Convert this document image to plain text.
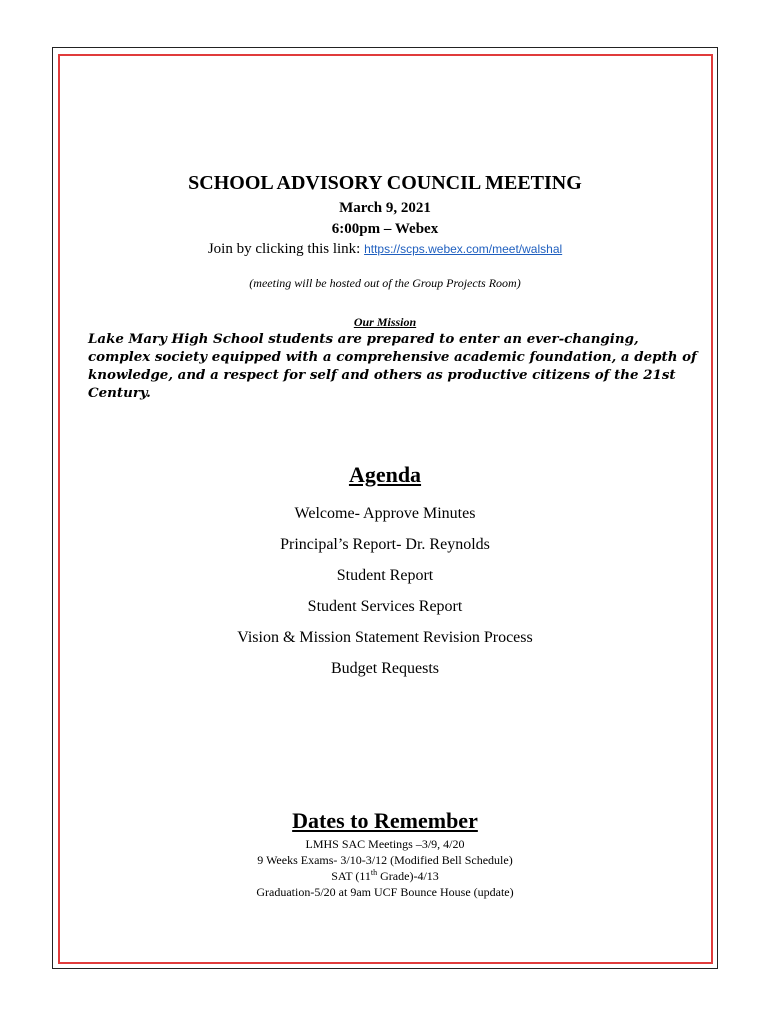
SCHOOL ADVISORY COUNCIL MEETING
March 9, 2021
6:00pm – Webex
Join by clicking this link: https://scps.webex.com/meet/walshal
(meeting will be hosted out of the Group Projects Room)
Our Mission
Lake Mary High School students are prepared to enter an ever-changing, complex society equipped with a comprehensive academic foundation, a depth of knowledge, and a respect for self and others as productive citizens of the 21st Century.
Agenda
Welcome- Approve Minutes
Principal’s Report- Dr. Reynolds
Student Report
Student Services Report
Vision & Mission Statement Revision Process
Budget Requests
Dates to Remember
LMHS SAC Meetings –3/9, 4/20
9 Weeks Exams- 3/10-3/12 (Modified Bell Schedule)
SAT (11th Grade)-4/13
Graduation-5/20 at 9am UCF Bounce House (update)
